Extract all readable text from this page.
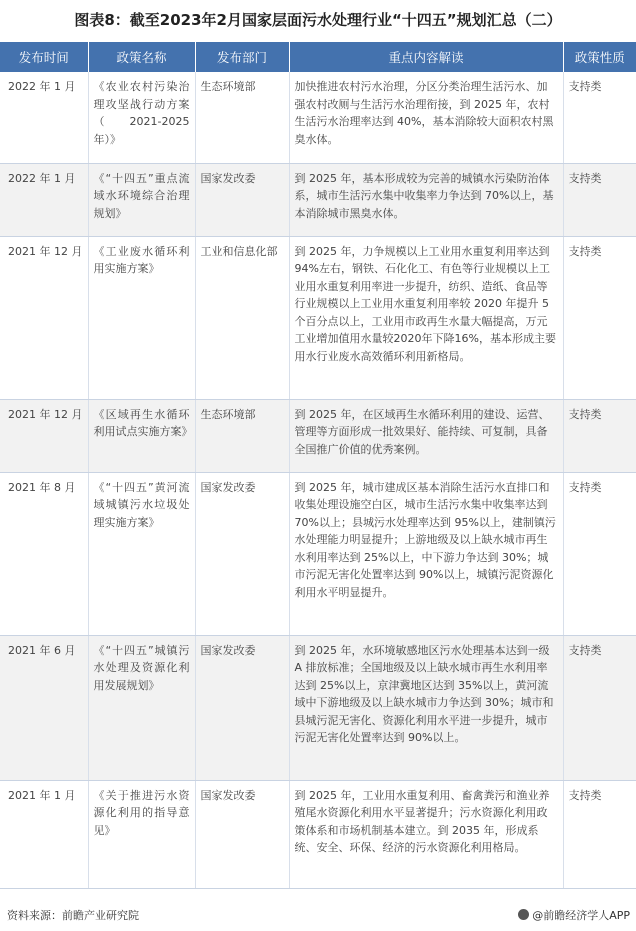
图表8：截至2023年2月国家层面污水处理行业“十四五”规划汇总（二）
发布时间	政策名称	发布部门	重点内容解读	政策性质
2022 年 1 月	《农业农村污染治理攻坚战行动方案（2021-2025 年）》	生态环境部	加快推进农村污水治理，分区分类治理生活污水、加强农村改厕与生活污水治理衔接，到 2025 年，农村生活污水治理率达到 40%，基本消除较大面积农村黑臭水体。	支持类
2022 年 1 月	《“十四五”重点流域水环境综合治理规划》	国家发改委	到 2025 年，基本形成较为完善的城镇水污染防治体系，城市生活污水集中收集率力争达到 70%以上，基本消除城市黑臭水体。	支持类
2021 年 12 月	《工业废水循环利用实施方案》	工业和信息化部	到 2025 年，力争规模以上工业用水重复利用率达到 94%左右，钢铁、石化化工、有色等行业规模以上工业用水重复利用率进一步提升，纺织、造纸、食品等行业规模以上工业用水重复利用率较 2020 年提升 5 个百分点以上，工业用市政再生水量大幅提高，万元工业增加值用水量较2020年下降16%，基本形成主要用水行业废水高效循环利用新格局。	支持类
2021 年 12 月	《区域再生水循环利用试点实施方案》	生态环境部	到 2025 年，在区域再生水循环利用的建设、运营、管理等方面形成一批效果好、能持续、可复制，具备全国推广价值的优秀案例。	支持类
2021 年 8 月	《“十四五”黄河流域城镇污水垃圾处理实施方案》	国家发改委	到 2025 年，城市建成区基本消除生活污水直排口和收集处理设施空白区，城市生活污水集中收集率达到 70%以上；县城污水处理率达到 95%以上，建制镇污水处理能力明显提升；上游地级及以上缺水城市再生水利用率达到 25%以上，中下游力争达到 30%；城市污泥无害化处置率达到 90%以上，城镇污泥资源化利用水平明显提升。	支持类
2021 年 6 月	《“十四五”城镇污水处理及资源化利用发展规划》	国家发改委	到 2025 年，水环境敏感地区污水处理基本达到一级 A 排放标准；全国地级及以上缺水城市再生水利用率达到 25%以上，京津冀地区达到 35%以上，黄河流域中下游地级及以上缺水城市力争达到 30%；城市和县城污泥无害化、资源化利用水平进一步提升，城市污泥无害化处置率达到 90%以上。	支持类
2021 年 1 月	《关于推进污水资源化利用的指导意见》	国家发改委	到 2025 年，工业用水重复利用、畜禽粪污和渔业养殖尾水资源化利用水平显著提升；污水资源化利用政策体系和市场机制基本建立。到 2035 年，形成系统、安全、环保、经济的污水资源化利用格局。	支持类
资料来源：前瞻产业研究院	@前瞻经济学人APP
